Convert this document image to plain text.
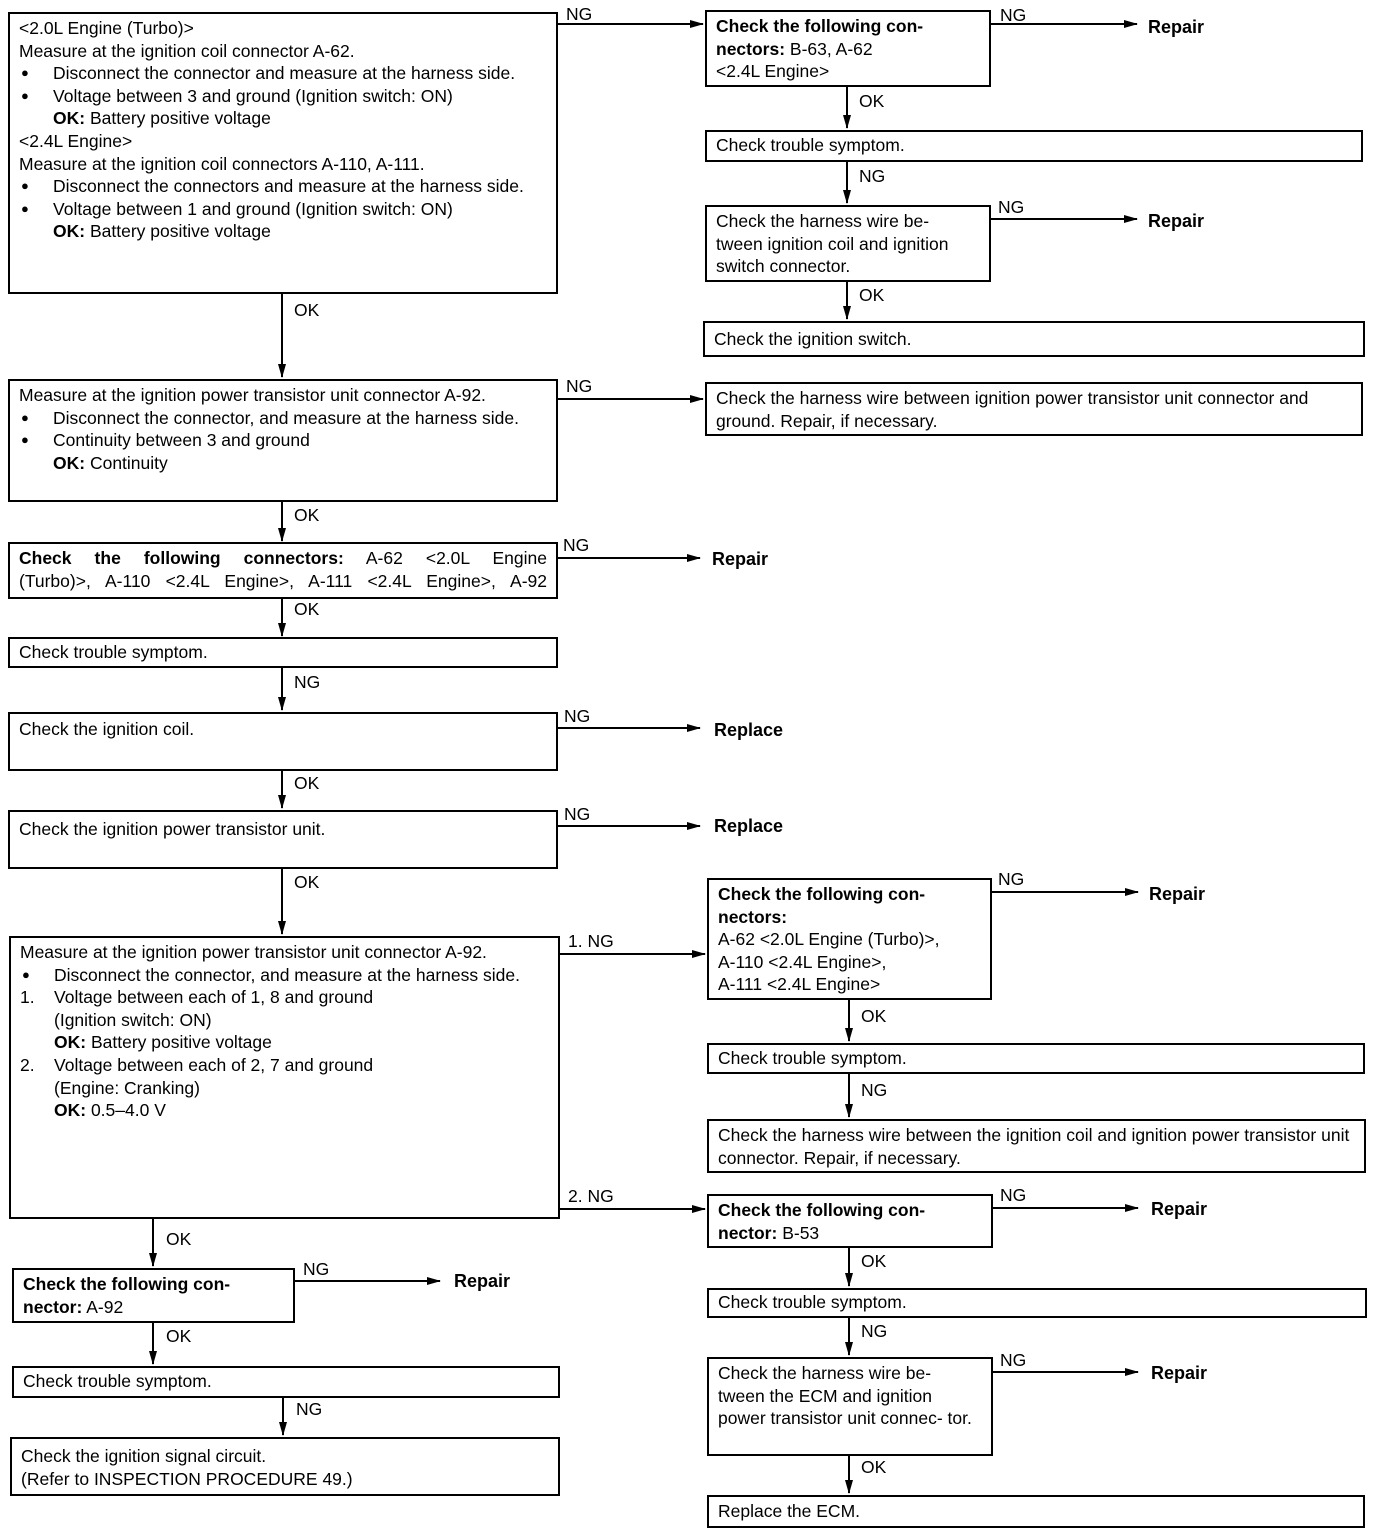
<2.0L Engine (Turbo)>
Measure at the ignition coil connector A-62.
● Disconnect the connector and measure at the harness side.
● Voltage between 3 and ground (Ignition switch: ON)
OK: Battery positive voltage
<2.4L Engine>
Measure at the ignition coil connectors A-110, A-111.
● Disconnect the connectors and measure at the harness side.
● Voltage between 1 and ground (Ignition switch: ON)
OK: Battery positive voltage
Measure at the ignition power transistor unit connector A-92.
● Disconnect the connector, and measure at the harness side.
● Continuity between 3 and ground
OK: Continuity
Check the following connectors: A-62 <2.0L Engine
(Turbo)>, A-110 <2.4L Engine>, A-111 <2.4L Engine>, A-92
Check trouble symptom.
Check the ignition coil.
Check the ignition power transistor unit.
Measure at the ignition power transistor unit connector A-92.
● Disconnect the connector, and measure at the harness side.
1. Voltage between each of 1, 8 and ground
(Ignition switch: ON)
OK: Battery positive voltage
2. Voltage between each of 2, 7 and ground
(Engine: Cranking)
OK: 0.5–4.0 V
Check the following con- nector: A-92
Check trouble symptom.
Check the ignition signal circuit.
(Refer to INSPECTION PROCEDURE 49.)
Check the following con- nectors: B-63, A-62
<2.4L Engine>
Check trouble symptom.
Check the harness wire be- tween ignition coil and ignition switch connector.
Check the ignition switch.
Check the harness wire between ignition power transistor unit connector and ground. Repair, if necessary.
Check the following con- nectors:
A-62 <2.0L Engine (Turbo)>,
A-110 <2.4L Engine>,
A-111 <2.4L Engine>
Check trouble symptom.
Check the harness wire between the ignition coil and ignition power transistor unit connector. Repair, if necessary.
Check the following con- nector: B-53
Check trouble symptom.
Check the harness wire be- tween the ECM and ignition power transistor unit connec- tor.
Replace the ECM.
NG
OK
NG
OK
NG
OK
NG
NG
OK
NG
OK
1. NG
2. NG
OK
NG
OK
NG
NG
OK
NG
NG
OK
NG
OK
NG
NG
OK
NG
NG
OK
Repair
Repair
Repair
Replace
Replace
Repair
Repair
Repair
Repair
